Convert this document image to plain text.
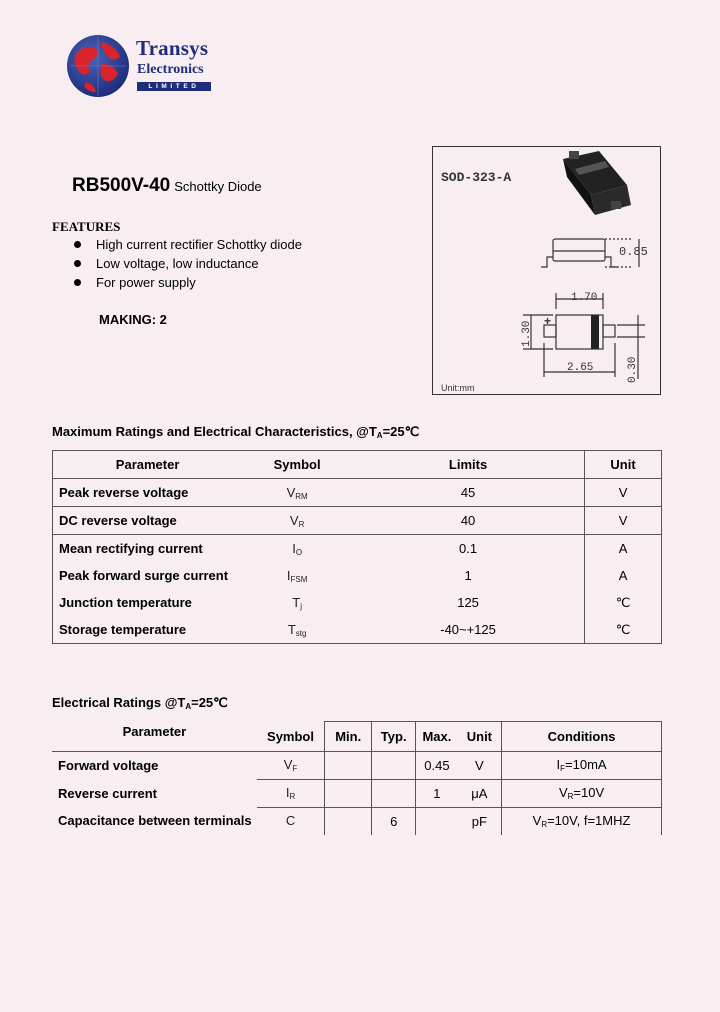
Transys
Electronics
LIMITED
RB500V-40 Schottky Diode
FEATURES
High current rectifier Schottky diode
Low voltage, low inductance
For power supply
MAKING: 2
SOD-323-A
0.85
1.70
1.30
2.65	0.30
+
Unit:mm
Maximum Ratings and Electrical Characteristics, $@T_A=25℃$
Parameter	Symbol	Limits	Unit
Peak reverse voltage	$V_{RM}$	45	V
DC reverse voltage	$V_R$	40	V
Mean rectifying current	$I_O$	0.1	A
Peak forward surge current	$I_{FSM}$	1	A
Junction temperature	$T_j$	125	℃
Storage temperature	$T_{stg}$	-40~+125	℃
Electrical Ratings $@T_A=25℃$
Parameter	Symbol	Min.	Typ.	Max.	Unit	Conditions
Forward voltage	$V_F$			0.45	V	$I_F=10mA$
Reverse current	$I_R$			1	μA	$V_R=10V$
Capacitance between terminals	C		6		pF	$V_R=10V$, f=1MHZ
